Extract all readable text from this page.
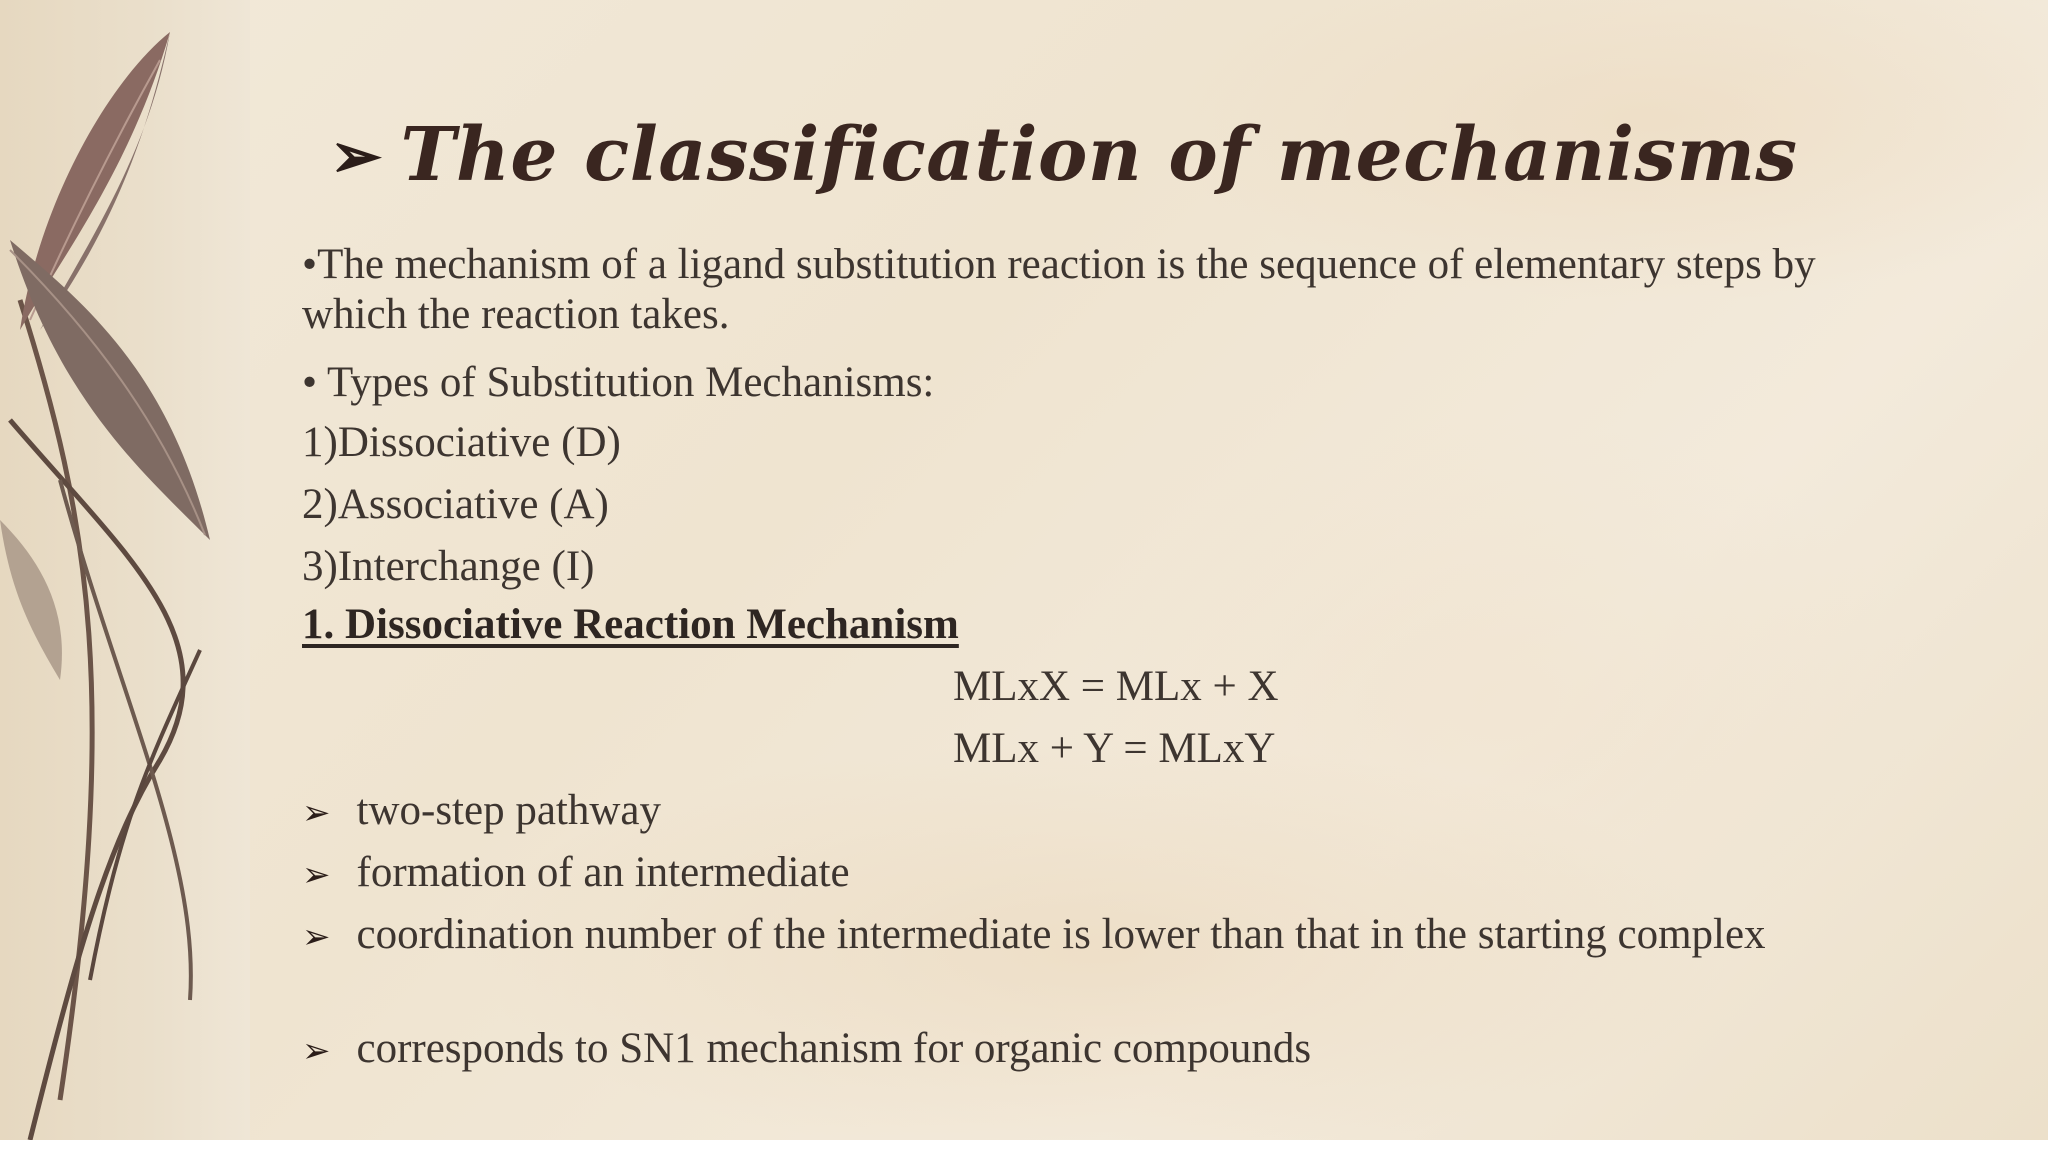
➢ The classification of mechanisms
•The mechanism of a ligand substitution reaction is the sequence of elementary steps by which the reaction takes.
• Types of Substitution Mechanisms:
1)Dissociative (D)
2)Associative (A)
3)Interchange (I)
1. Dissociative Reaction Mechanism
MLxX = MLx + X
MLx + Y = MLxY
➢ two-step pathway
➢ formation of an intermediate
➢ coordination number of the intermediate is lower than that in the starting complex
➢ corresponds to SN1 mechanism for organic compounds
